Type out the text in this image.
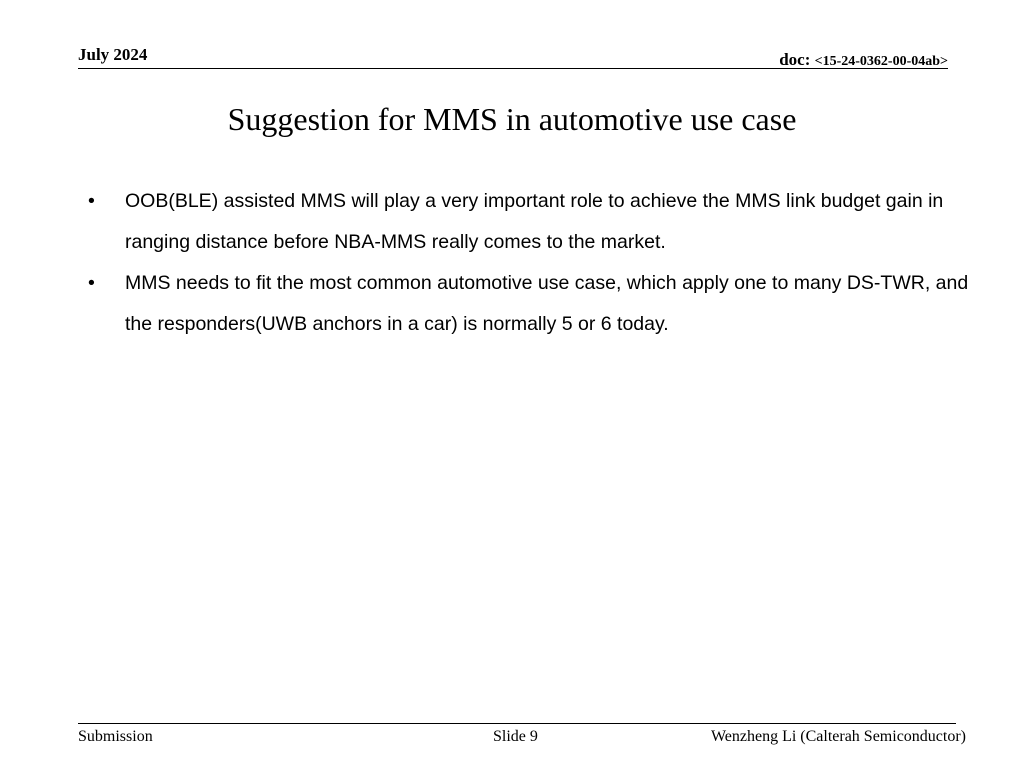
July 2024	doc: <15-24-0362-00-04ab>
Suggestion for MMS in automotive use case
•	OOB(BLE) assisted MMS will play a very important role to achieve the MMS link budget gain in ranging distance before NBA-MMS really comes to the market.
•	MMS needs to fit the most common automotive use case, which apply one to many DS-TWR, and the responders(UWB anchors in a car) is normally 5 or 6 today.
Submission	Slide 9	Wenzheng Li (Calterah Semiconductor)
